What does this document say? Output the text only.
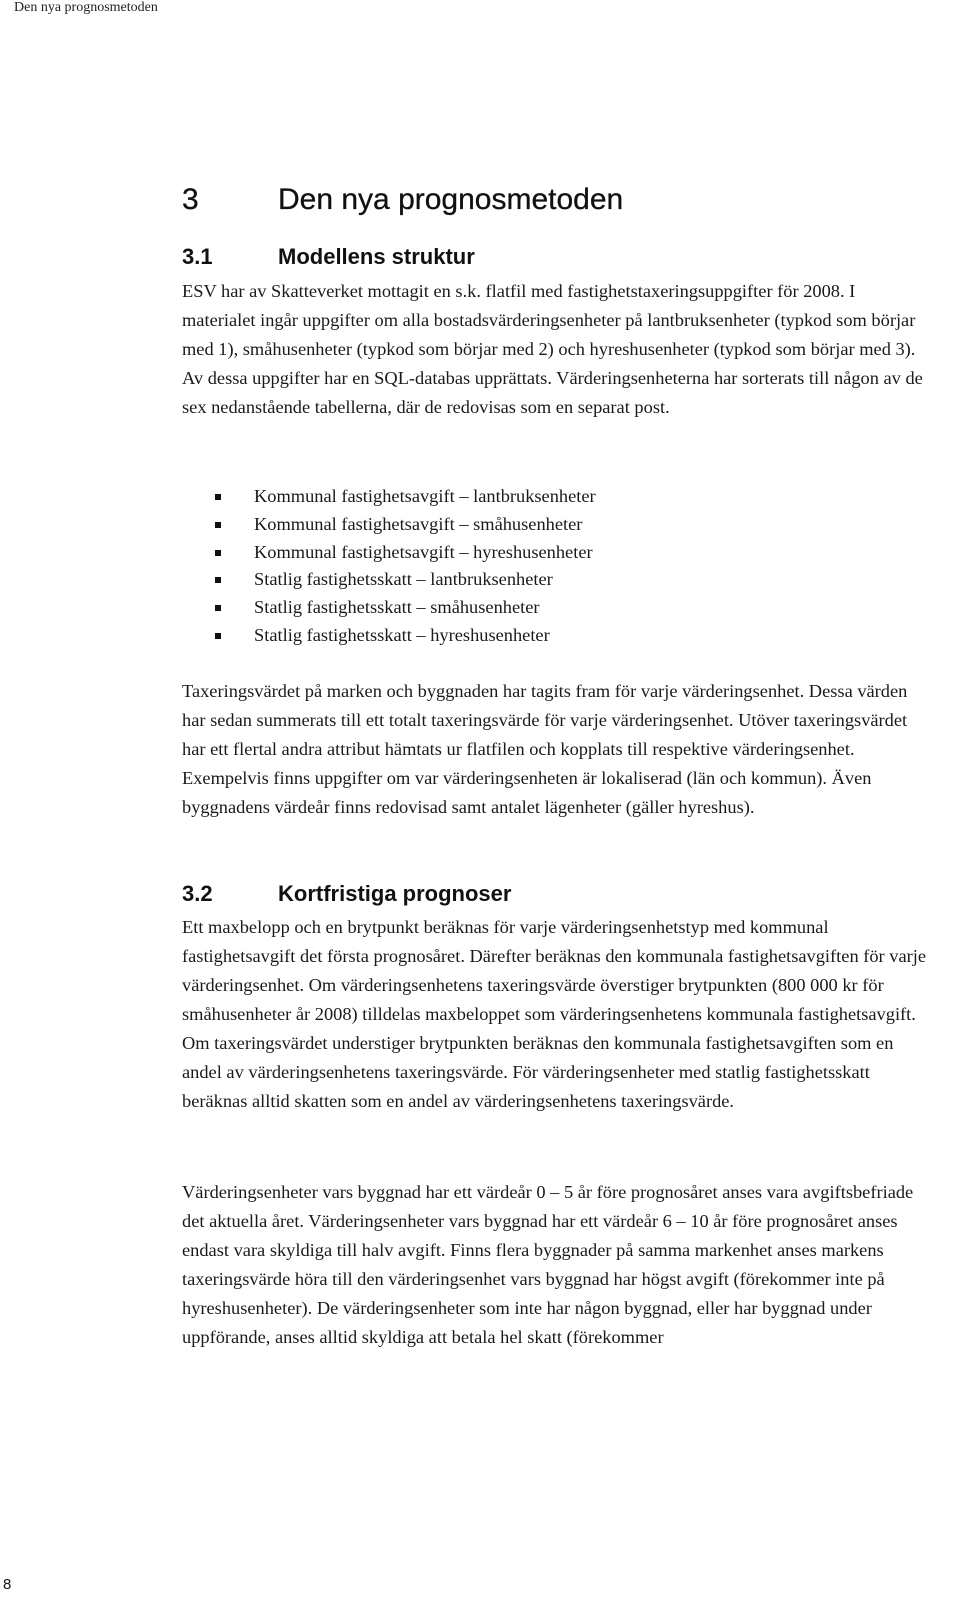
Den nya prognosmetoden
3	Den nya prognosmetoden
3.1	Modellens struktur

ESV har av Skatteverket mottagit en s.k. flatfil med fastighetstaxeringsuppgifter för 2008. I materialet ingår uppgifter om alla bostadsvärderingsenheter på lantbruksenheter (typkod som börjar med 1), småhusenheter (typkod som börjar med 2) och hyreshusenheter (typkod som börjar med 3). Av dessa uppgifter har en SQL-databas upprättats. Värderingsenheterna har sorterats till någon av de sex nedanstående tabellerna, där de redovisas som en separat post.

Kommunal fastighetsavgift – lantbruksenheter
Kommunal fastighetsavgift – småhusenheter
Kommunal fastighetsavgift – hyreshusenheter
Statlig fastighetsskatt – lantbruksenheter
Statlig fastighetsskatt – småhusenheter
Statlig fastighetsskatt – hyreshusenheter

Taxeringsvärdet på marken och byggnaden har tagits fram för varje värderingsenhet. Dessa värden har sedan summerats till ett totalt taxeringsvärde för varje värderingsenhet. Utöver taxeringsvärdet har ett flertal andra attribut hämtats ur flatfilen och kopplats till respektive värderingsenhet. Exempelvis finns uppgifter om var värderingsenheten är lokaliserad (län och kommun). Även byggnadens värdeår finns redovisad samt antalet lägenheter (gäller hyreshus).

3.2	Kortfristiga prognoser

Ett maxbelopp och en brytpunkt beräknas för varje värderingsenhetstyp med kommunal fastighetsavgift det första prognosåret. Därefter beräknas den kommunala fastighetsavgiften för varje värderingsenhet. Om värderingsenhetens taxeringsvärde överstiger brytpunkten (800 000 kr för småhusenheter år 2008) tilldelas maxbeloppet som värderingsenhetens kommunala fastighetsavgift. Om taxeringsvärdet understiger brytpunkten beräknas den kommunala fastighetsavgiften som en andel av värderingsenhetens taxeringsvärde. För värderingsenheter med statlig fastighetsskatt beräknas alltid skatten som en andel av värderingsenhetens taxeringsvärde.

Värderingsenheter vars byggnad har ett värdeår 0 – 5 år före prognosåret anses vara avgiftsbefriade det aktuella året. Värderingsenheter vars byggnad har ett värdeår 6 – 10 år före prognosåret anses endast vara skyldiga till halv avgift. Finns flera byggnader på samma markenhet anses markens taxeringsvärde höra till den värderingsenhet vars byggnad har högst avgift (förekommer inte på hyreshusenheter). De värderingsenheter som inte har någon byggnad, eller har byggnad under uppförande, anses alltid skyldiga att betala hel skatt (förekommer

8
